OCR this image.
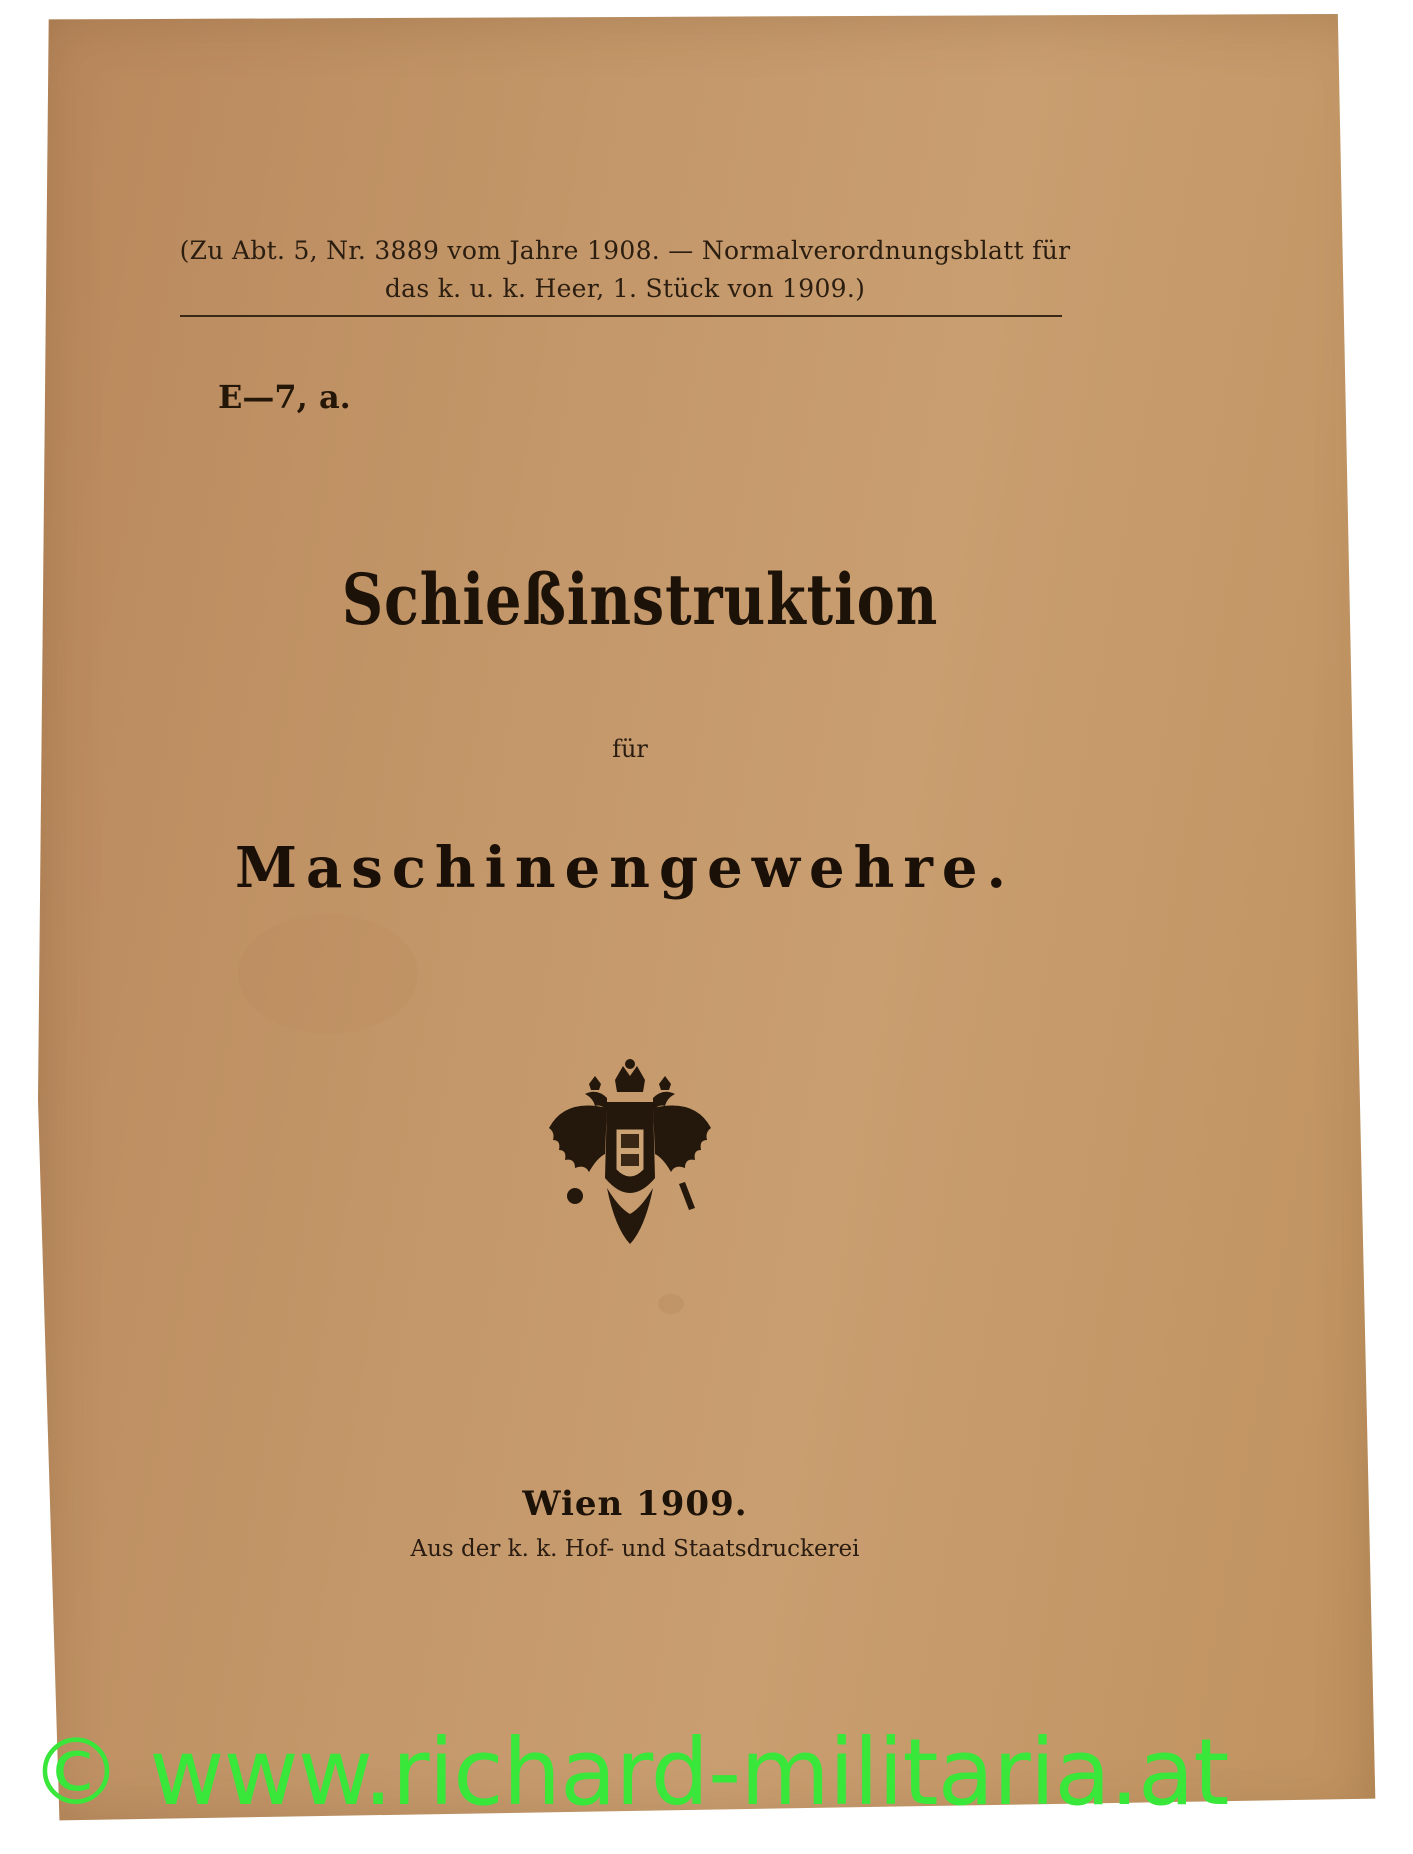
(Zu Abt. 5, Nr. 3889 vom Jahre 1908. — Normalverordnungsblatt für
das k. u. k. Heer, 1. Stück von 1909.)
E—7, a.
Schießinstruktion
für
Maschinengewehre.
Wien 1909.
Aus der k. k. Hof- und Staatsdruckerei
© www.richard-militaria.at
